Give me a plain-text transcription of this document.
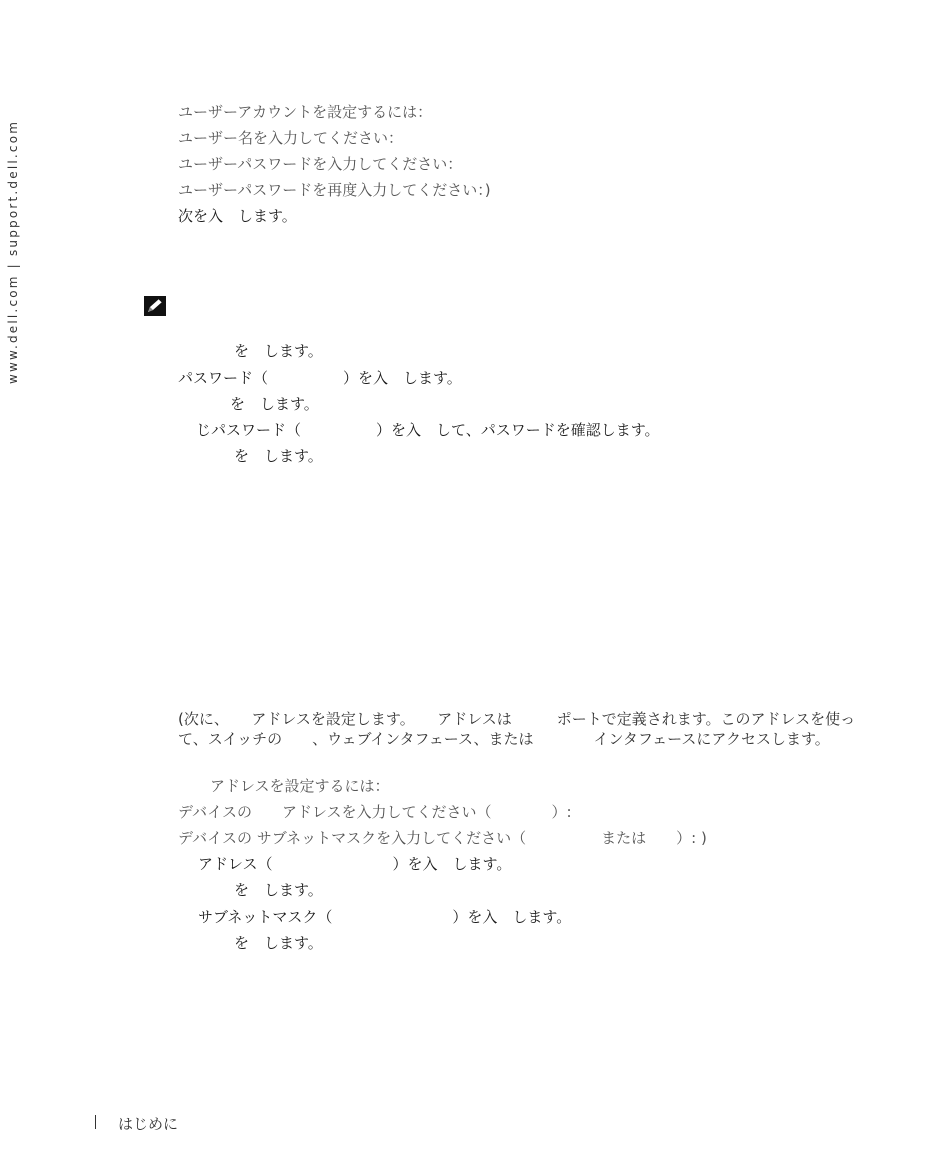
www.dell.com | support.dell.com
ユーザーアカウントを設定するには：
ユーザー名を入力してください：
ユーザーパスワードを入力してください：
ユーザーパスワードを再度入力してください：)
次を入　します。
を　します。
パスワード（　　　　　）を入　します。
を　します。
じパスワード（　　　　　）を入　して、パスワードを確認します。
を　します。
(次に、　　アドレスを設定します。　　アドレスは　　　ポートで定義されます。このアドレスを使って、スイッチの　　、ウェブインタフェース、または　　　　インタフェースにアクセスします。
アドレスを設定するには：
デバイスの　　アドレスを入力してください（　　　　）:
デバイスの サブネットマスクを入力してください（　　　　　または　　）: )
アドレス（　　　　　　　　）を入　します。
を　します。
サブネットマスク（　　　　　　　　）を入　します。
を　します。
はじめに
